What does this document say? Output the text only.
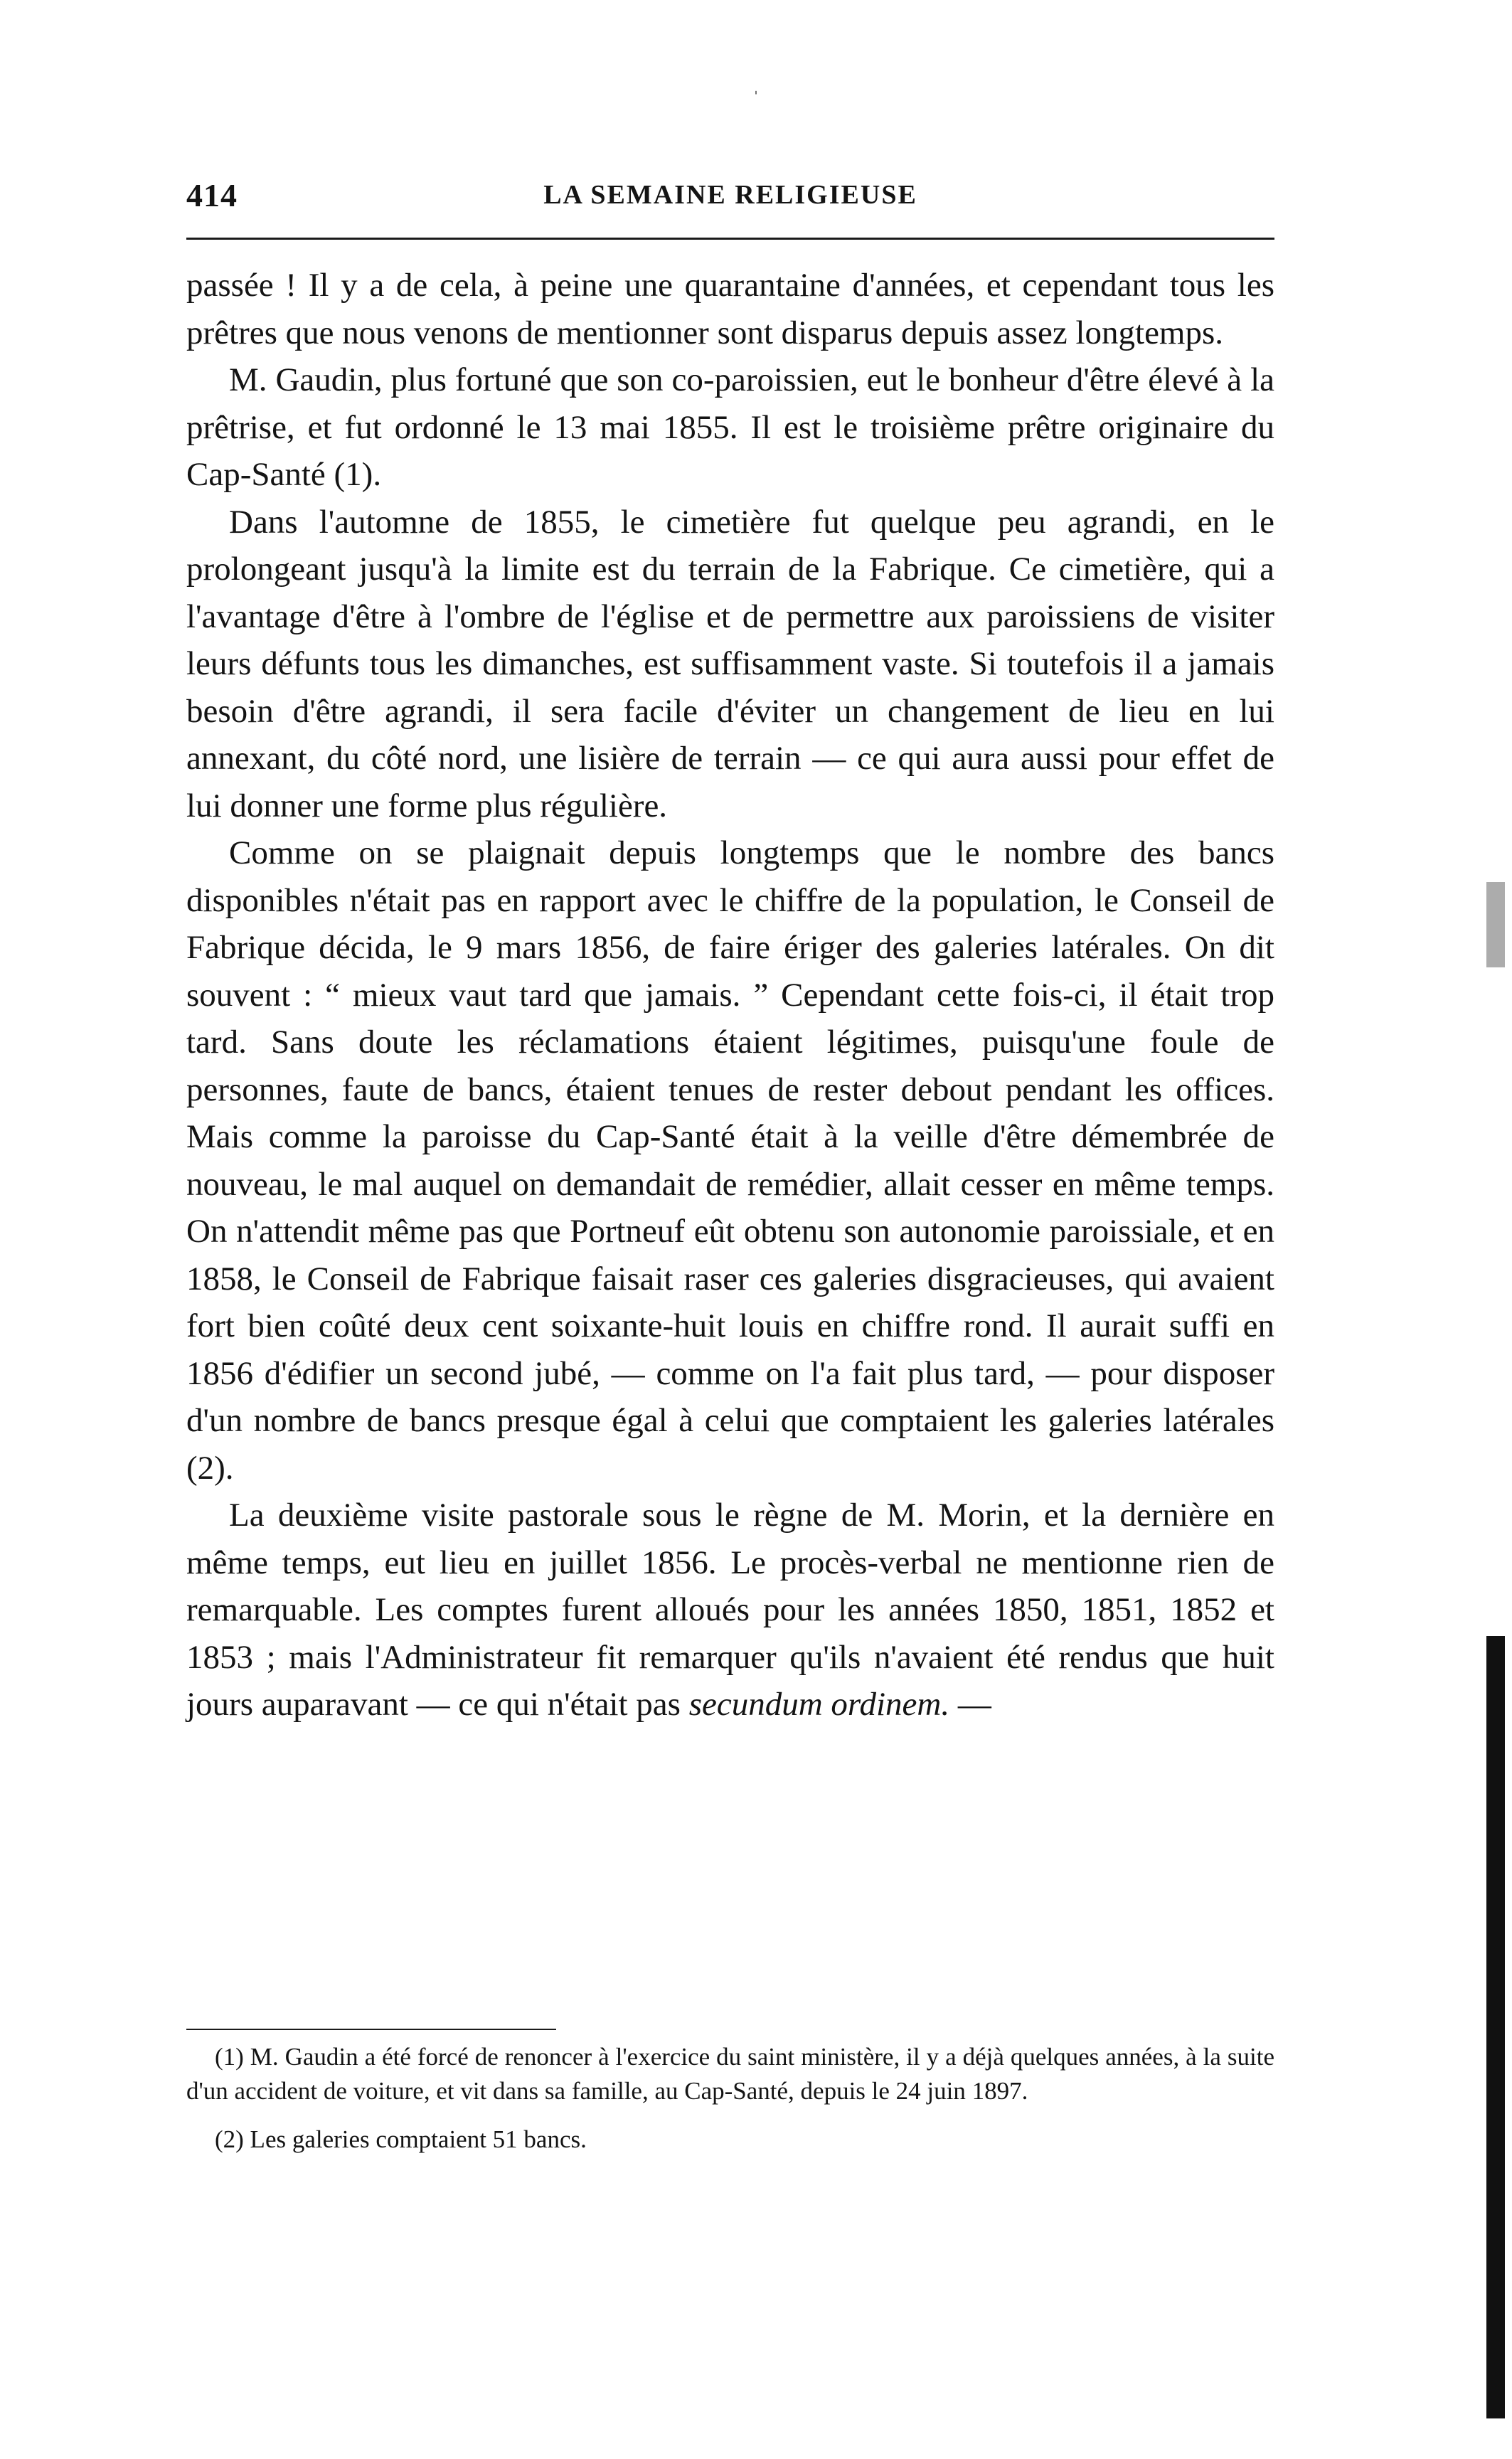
ˌ
414	LA SEMAINE RELIGIEUSE

passée ! Il y a de cela, à peine une quarantaine d'années, et cependant tous les prêtres que nous venons de mentionner sont disparus depuis assez longtemps.

M. Gaudin, plus fortuné que son co-paroissien, eut le bonheur d'être élevé à la prêtrise, et fut ordonné le 13 mai 1855. Il est le troisième prêtre originaire du Cap-Santé (1).

Dans l'automne de 1855, le cimetière fut quelque peu agrandi, en le prolongeant jusqu'à la limite est du terrain de la Fabrique. Ce cimetière, qui a l'avantage d'être à l'ombre de l'église et de permettre aux paroissiens de visiter leurs défunts tous les dimanches, est suffisamment vaste. Si toutefois il a jamais besoin d'être agrandi, il sera facile d'éviter un changement de lieu en lui annexant, du côté nord, une lisière de terrain — ce qui aura aussi pour effet de lui donner une forme plus régulière.

Comme on se plaignait depuis longtemps que le nombre des bancs disponibles n'était pas en rapport avec le chiffre de la population, le Conseil de Fabrique décida, le 9 mars 1856, de faire ériger des galeries latérales. On dit souvent : “ mieux vaut tard que jamais. ” Cependant cette fois-ci, il était trop tard. Sans doute les réclamations étaient légitimes, puisqu'une foule de personnes, faute de bancs, étaient tenues de rester debout pendant les offices. Mais comme la paroisse du Cap-Santé était à la veille d'être démembrée de nouveau, le mal auquel on demandait de remédier, allait cesser en même temps. On n'attendit même pas que Portneuf eût obtenu son autonomie paroissiale, et en 1858, le Conseil de Fabrique faisait raser ces galeries disgracieuses, qui avaient fort bien coûté deux cent soixante-huit louis en chiffre rond. Il aurait suffi en 1856 d'édifier un second jubé, — comme on l'a fait plus tard, — pour disposer d'un nombre de bancs presque égal à celui que comptaient les galeries latérales (2).

La deuxième visite pastorale sous le règne de M. Morin, et la dernière en même temps, eut lieu en juillet 1856. Le procès-verbal ne mentionne rien de remarquable. Les comptes furent alloués pour les années 1850, 1851, 1852 et 1853 ; mais l'Administrateur fit remarquer qu'ils n'avaient été rendus que huit jours auparavant — ce qui n'était pas secundum ordinem. —

(1) M. Gaudin a été forcé de renoncer à l'exercice du saint ministère, il y a déjà quelques années, à la suite d'un accident de voiture, et vit dans sa famille, au Cap-Santé, depuis le 24 juin 1897.

(2) Les galeries comptaient 51 bancs.
